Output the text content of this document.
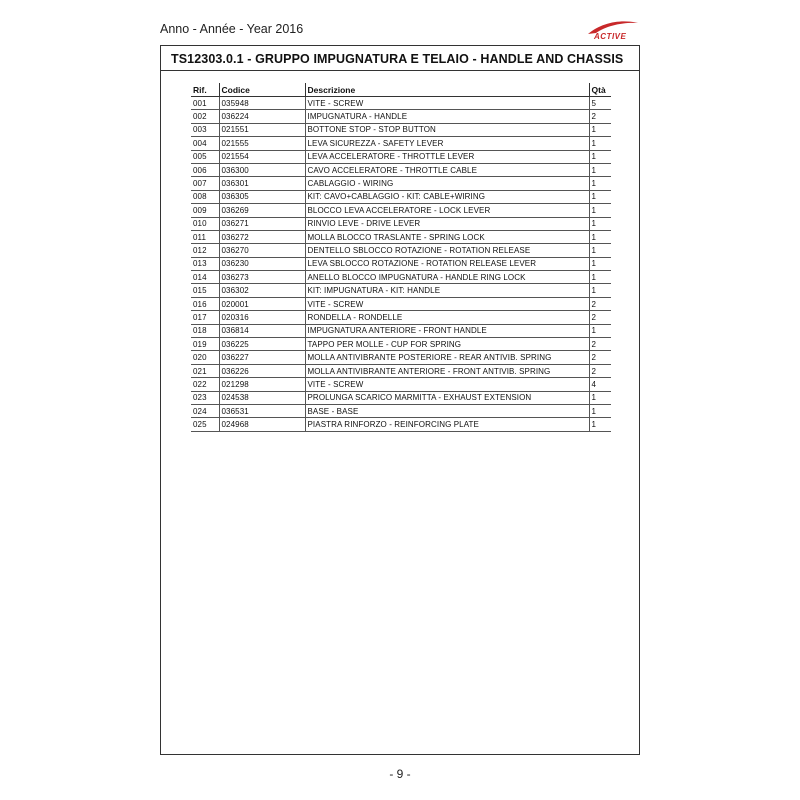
Anno - Année - Year 2016
ACTIVE
TS12303.0.1 - GRUPPO IMPUGNATURA E TELAIO - HANDLE AND CHASSIS
Rif.	Codice	Descrizione	Qtà
001	035948	VITE - SCREW	5
002	036224	IMPUGNATURA - HANDLE	2
003	021551	BOTTONE STOP - STOP BUTTON	1
004	021555	LEVA SICUREZZA - SAFETY LEVER	1
005	021554	LEVA ACCELERATORE - THROTTLE LEVER	1
006	036300	CAVO ACCELERATORE - THROTTLE CABLE	1
007	036301	CABLAGGIO - WIRING	1
008	036305	KIT: CAVO+CABLAGGIO - KIT: CABLE+WIRING	1
009	036269	BLOCCO LEVA ACCELERATORE - LOCK LEVER	1
010	036271	RINVIO LEVE - DRIVE LEVER	1
011	036272	MOLLA BLOCCO TRASLANTE - SPRING LOCK	1
012	036270	DENTELLO SBLOCCO ROTAZIONE - ROTATION RELEASE	1
013	036230	LEVA SBLOCCO ROTAZIONE - ROTATION RELEASE LEVER	1
014	036273	ANELLO BLOCCO IMPUGNATURA - HANDLE RING LOCK	1
015	036302	KIT: IMPUGNATURA - KIT: HANDLE	1
016	020001	VITE - SCREW	2
017	020316	RONDELLA - RONDELLE	2
018	036814	IMPUGNATURA ANTERIORE - FRONT HANDLE	1
019	036225	TAPPO PER MOLLE - CUP FOR SPRING	2
020	036227	MOLLA ANTIVIBRANTE POSTERIORE - REAR ANTIVIB. SPRING	2
021	036226	MOLLA ANTIVIBRANTE ANTERIORE - FRONT ANTIVIB. SPRING	2
022	021298	VITE - SCREW	4
023	024538	PROLUNGA SCARICO MARMITTA - EXHAUST EXTENSION	1
024	036531	BASE - BASE	1
025	024968	PIASTRA RINFORZO - REINFORCING PLATE	1
- 9 -
